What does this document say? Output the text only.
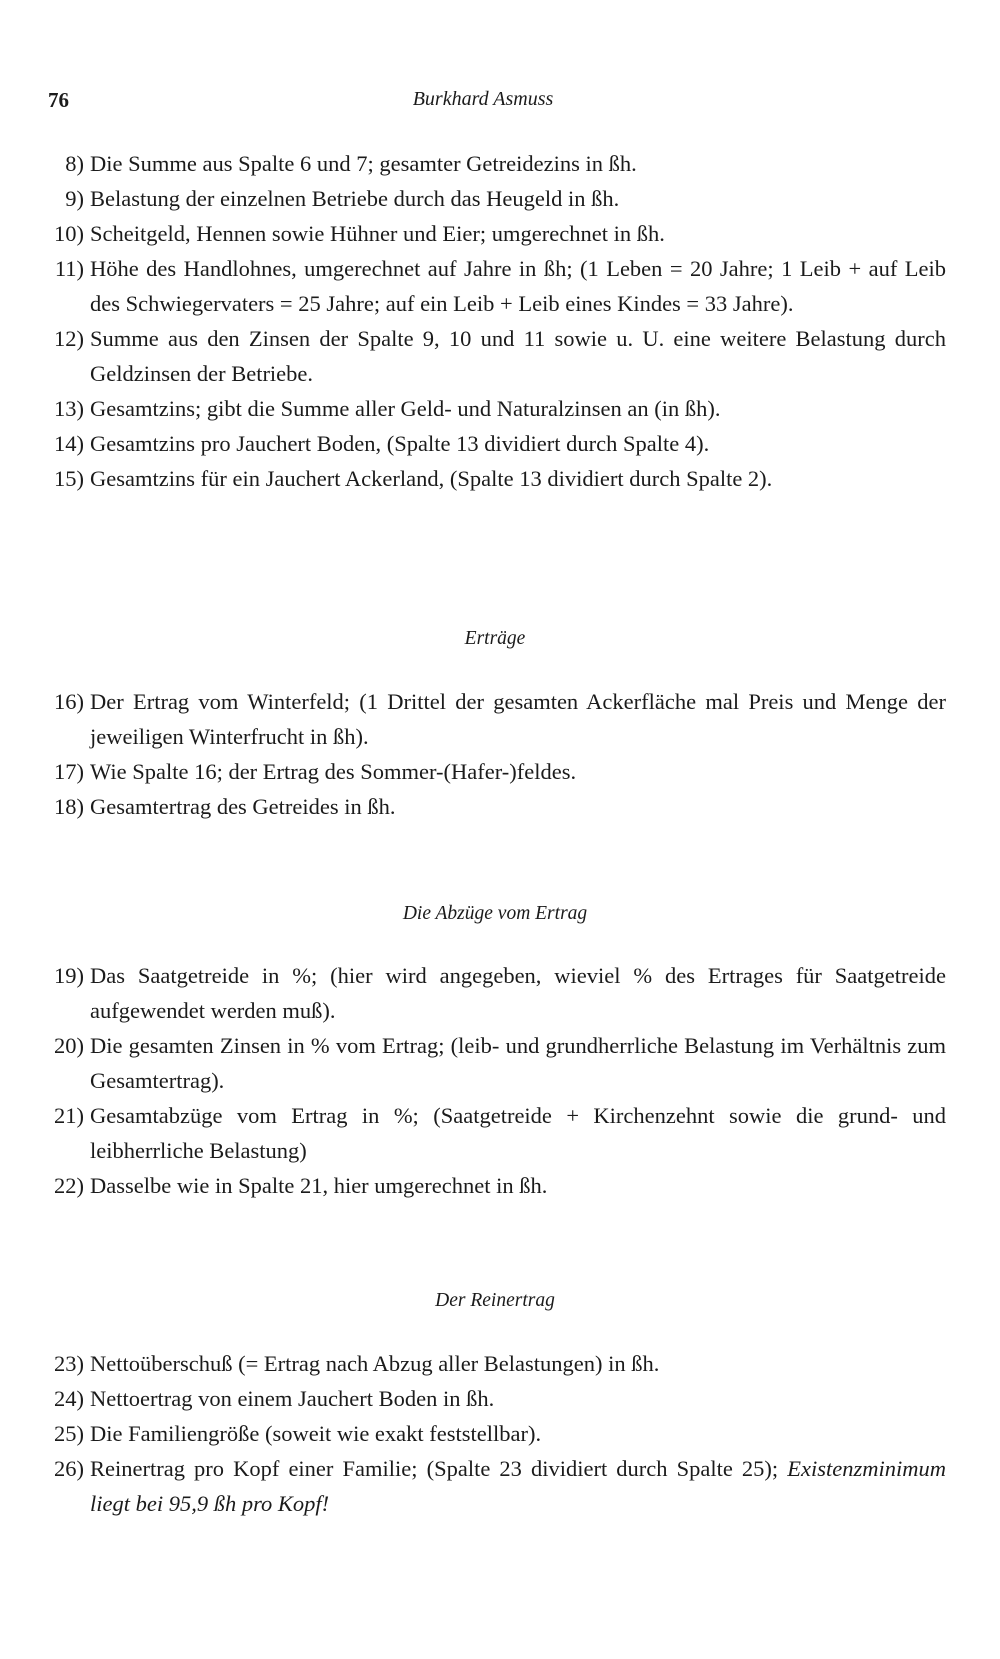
76	Burkhard Asmuss
8) Die Summe aus Spalte 6 und 7; gesamter Getreidezins in ßh.
9) Belastung der einzelnen Betriebe durch das Heugeld in ßh.
10) Scheitgeld, Hennen sowie Hühner und Eier; umgerechnet in ßh.
11) Höhe des Handlohnes, umgerechnet auf Jahre in ßh; (1 Leben = 20 Jahre; 1 Leib + auf Leib des Schwiegervaters = 25 Jahre; auf ein Leib + Leib eines Kindes = 33 Jahre).
12) Summe aus den Zinsen der Spalte 9, 10 und 11 sowie u. U. eine weitere Belastung durch Geldzinsen der Betriebe.
13) Gesamtzins; gibt die Summe aller Geld- und Naturalzinsen an (in ßh).
14) Gesamtzins pro Jauchert Boden, (Spalte 13 dividiert durch Spalte 4).
15) Gesamtzins für ein Jauchert Ackerland, (Spalte 13 dividiert durch Spalte 2).
Erträge
16) Der Ertrag vom Winterfeld; (1 Drittel der gesamten Ackerfläche mal Preis und Menge der jeweiligen Winterfrucht in ßh).
17) Wie Spalte 16; der Ertrag des Sommer-(Hafer-)feldes.
18) Gesamtertrag des Getreides in ßh.
Die Abzüge vom Ertrag
19) Das Saatgetreide in %; (hier wird angegeben, wieviel % des Ertrages für Saatgetreide aufgewendet werden muß).
20) Die gesamten Zinsen in % vom Ertrag; (leib- und grundherrliche Belastung im Verhältnis zum Gesamtertrag).
21) Gesamtabzüge vom Ertrag in %; (Saatgetreide + Kirchenzehnt sowie die grund- und leibherrliche Belastung)
22) Dasselbe wie in Spalte 21, hier umgerechnet in ßh.
Der Reinertrag
23) Nettoüberschuß (= Ertrag nach Abzug aller Belastungen) in ßh.
24) Nettoertrag von einem Jauchert Boden in ßh.
25) Die Familiengröße (soweit wie exakt feststellbar).
26) Reinertrag pro Kopf einer Familie; (Spalte 23 dividiert durch Spalte 25); Existenzminimum liegt bei 95,9 ßh pro Kopf!
